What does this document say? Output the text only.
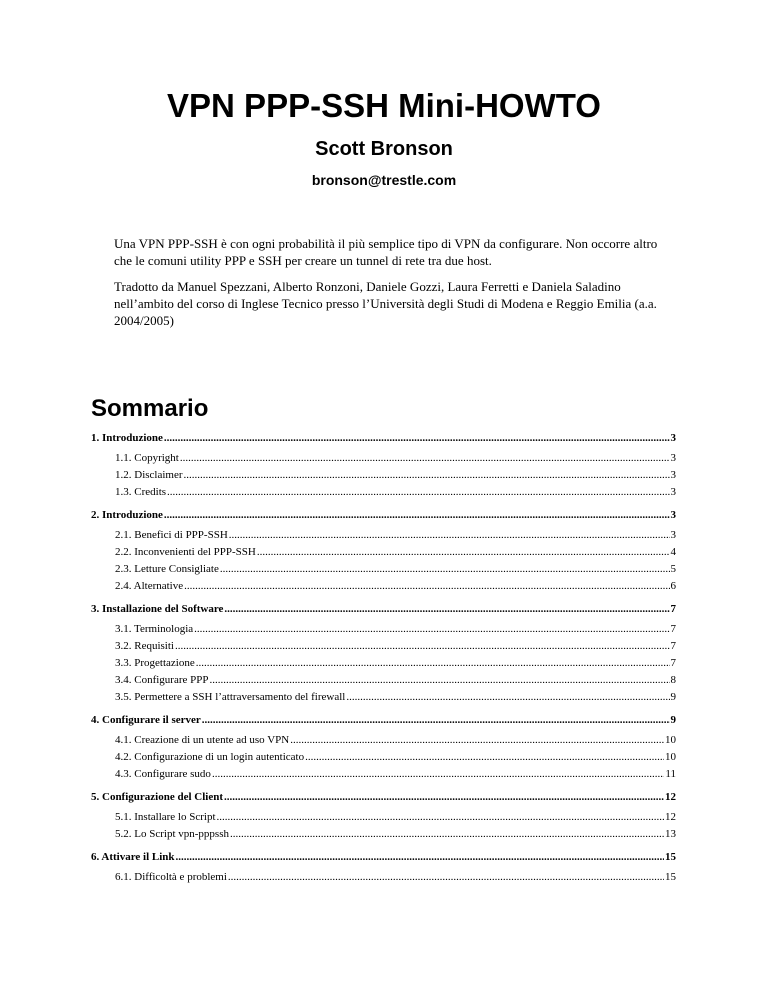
VPN PPP-SSH Mini-HOWTO
Scott Bronson
bronson@trestle.com

Una VPN PPP-SSH è con ogni probabilità il più semplice tipo di VPN da configurare. Non occorre altro che le comuni utility PPP e SSH per creare un tunnel di rete tra due host.

Tradotto da Manuel Spezzani, Alberto Ronzoni, Daniele Gozzi, Laura Ferretti e Daniela Saladino nell’ambito del corso di Inglese Tecnico presso l’Università degli Studi di Modena e Reggio Emilia (a.a. 2004/2005)

Sommario
1. Introduzione .....	3
1.1. Copyright .....	3
1.2. Disclaimer .....	3
1.3. Credits .....	3
2. Introduzione .....	3
2.1. Benefici di PPP-SSH .....	3
2.2. Inconvenienti del PPP-SSH .....	4
2.3. Letture Consigliate .....	5
2.4. Alternative .....	6
3. Installazione del Software .....	7
3.1. Terminologia .....	7
3.2. Requisiti .....	7
3.3. Progettazione .....	7
3.4. Configurare PPP .....	8
3.5. Permettere a SSH l’attraversamento del firewall .....	9
4. Configurare il server .....	9
4.1. Creazione di un utente ad uso VPN .....	10
4.2. Configurazione di un login autenticato .....	10
4.3. Configurare sudo .....	11
5. Configurazione del Client .....	12
5.1. Installare lo Script .....	12
5.2. Lo Script vpn-pppssh .....	13
6. Attivare il Link .....	15
6.1. Difficoltà e problemi .....	15
